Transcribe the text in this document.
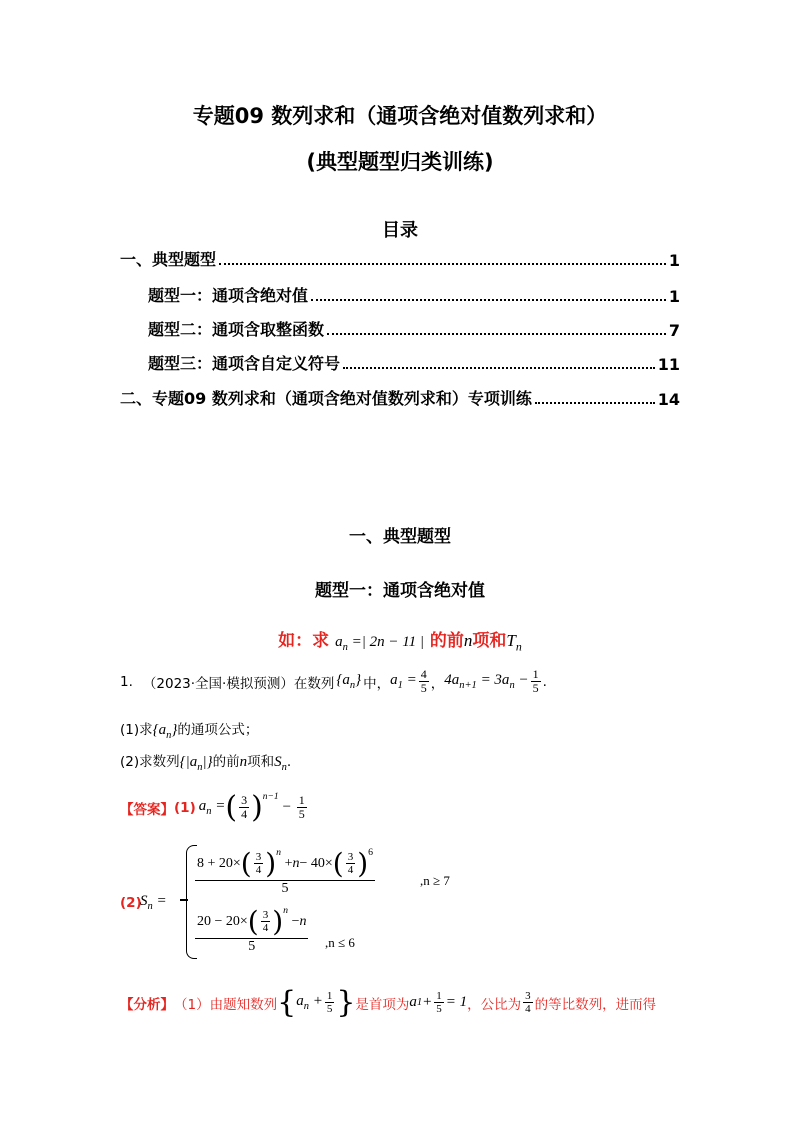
专题09 数列求和（通项含绝对值数列求和）
(典型题型归类训练)
目录
一、典型题型	1
题型一：通项含绝对值	1
题型二：通项含取整函数	7
题型三：通项含自定义符号	11
二、专题09 数列求和（通项含绝对值数列求和）专项训练	14
一、典型题型
题型一：通项含绝对值
如：求 $a_n$ =| 2n − 11 | 的前n项和$T_n$
1. （2023·全国·模拟预测）在数列 $\{a_n\}$ 中， $a_1 = \frac{4}{5}$ ， $4a_{n+1} = 3a_n - \frac{1}{5}$ .
(1)求$\{a_n\}$的通项公式；
(2)求数列$\{|a_n|\}$的前n项和$S_n$.
【答案】 (1) $a_n$ = ( $\frac{3}{4} )^{n-1}$
− $\frac{1}{5}$
(2)
$S_n$ =
8 + 20× ( $\frac{3}{4}$ ) $^n$
+ n − 40× ( $\frac{3}{4} )^6$
5
,n ≥ 7
20 − 20× ( $\frac{3}{4}$ ) $^n$
− n
5	,n ≤ 6
【分析】 （1）由题知数列 { $a_n + \frac{1}{5}$ } 是首项为 a $1 + \frac{1}{5} = 1$ ，公比为 $\frac{3}{4}$ 的等比数列，进而得
